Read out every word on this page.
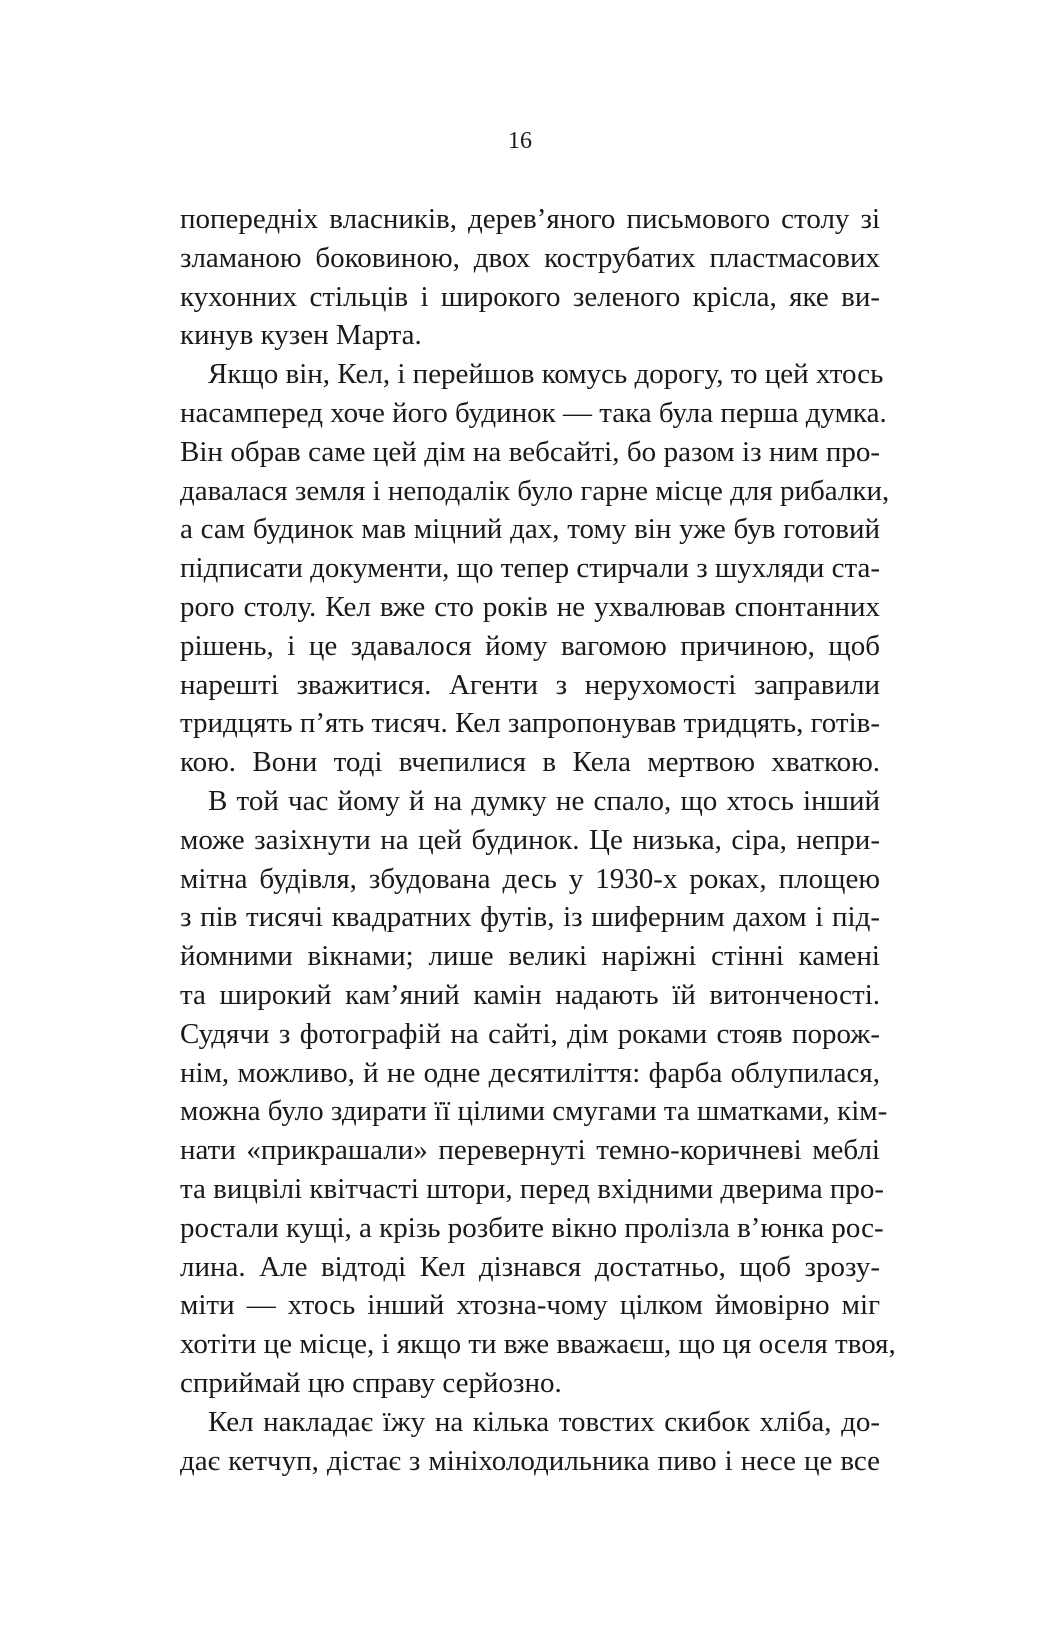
16
попередніх власників, дерев’яного письмового столу зі
зламаною боковиною, двох кострубатих пластмасових
кухонних стільців і широкого зеленого крісла, яке ви-
кинув кузен Марта.
Якщо він, Кел, і перейшов комусь дорогу, то цей хтось
насамперед хоче його будинок — така була перша думка.
Він обрав саме цей дім на вебсайті, бо разом із ним про-
давалася земля і неподалік було гарне місце для рибалки,
а сам будинок мав міцний дах, тому він уже був готовий
підписати документи, що тепер стирчали з шухляди ста-
рого столу. Кел вже сто років не ухвалював спонтанних
рішень, і це здавалося йому вагомою причиною, щоб
нарешті зважитися. Агенти з нерухомості заправили
тридцять п’ять тисяч. Кел запропонував тридцять, готів-
кою. Вони тоді вчепилися в Кела мертвою хваткою.
В той час йому й на думку не спало, що хтось інший
може зазіхнути на цей будинок. Це низька, сіра, непри-
мітна будівля, збудована десь у 1930-х роках, площею
з пів тисячі квадратних футів, із шиферним дахом і під-
йомними вікнами; лише великі наріжні стінні камені
та широкий кам’яний камін надають їй витонченості.
Судячи з фотографій на сайті, дім роками стояв порож-
нім, можливо, й не одне десятиліття: фарба облупилася,
можна було здирати її цілими смугами та шматками, кім-
нати «прикрашали» перевернуті темно-коричневі меблі
та вицвілі квітчасті штори, перед вхідними дверима про-
ростали кущі, а крізь розбите вікно пролізла в’юнка рос-
лина. Але відтоді Кел дізнався достатньо, щоб зрозу-
міти — хтось інший хтозна-чому цілком ймовірно міг
хотіти це місце, і якщо ти вже вважаєш, що ця оселя твоя,
сприймай цю справу серйозно.
Кел накладає їжу на кілька товстих скибок хліба, до-
дає кетчуп, дістає з мініхолодильника пиво і несе це все
